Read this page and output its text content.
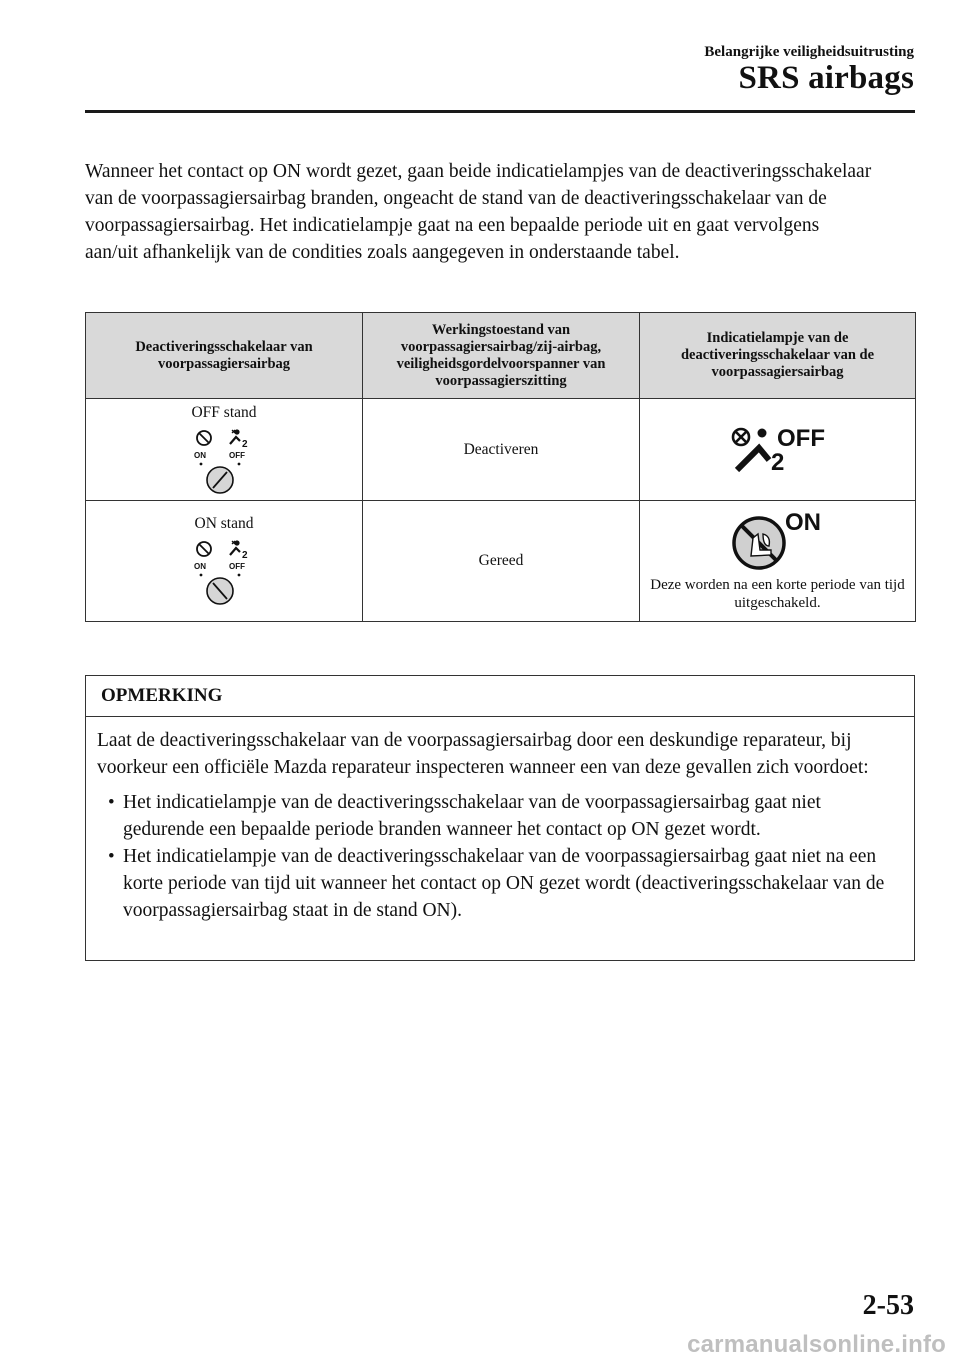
Belangrijke veiligheidsuitrusting
SRS airbags

Wanneer het contact op ON wordt gezet, gaan beide indicatielampjes van de deactiveringsschakelaar van de voorpassagiersairbag branden, ongeacht de stand van de deactiveringsschakelaar van de voorpassagiersairbag. Het indicatielampje gaat na een bepaalde periode uit en gaat vervolgens aan/uit afhankelijk van de condities zoals aangegeven in onderstaande tabel.

Deactiveringsschakelaar van voorpassagiersairbag	Werkingstoestand van voorpassagiersairbag/zij-airbag, veiligheidsgordelvoorspanner van voorpassagierszitting	Indicatielampje van de deactiveringsschakelaar van de voorpassagiersairbag

OFF stand
2
ON OFF	Deactiveren	OFF
2

ON stand
2
ON OFF	Gereed	ON
Deze worden na een korte periode van tijd uitgeschakeld.
OPMERKING

Laat de deactiveringsschakelaar van de voorpassagiersairbag door een deskundige reparateur, bij voorkeur een officiële Mazda reparateur inspecteren wanneer een van deze gevallen zich voordoet:

• Het indicatielampje van de deactiveringsschakelaar van de voorpassagiersairbag gaat niet gedurende een bepaalde periode branden wanneer het contact op ON gezet wordt.
• Het indicatielampje van de deactiveringsschakelaar van de voorpassagiersairbag gaat niet na een korte periode van tijd uit wanneer het contact op ON gezet wordt (deactiveringsschakelaar van de voorpassagiersairbag staat in de stand ON).
2-53
carmanualsonline.info
